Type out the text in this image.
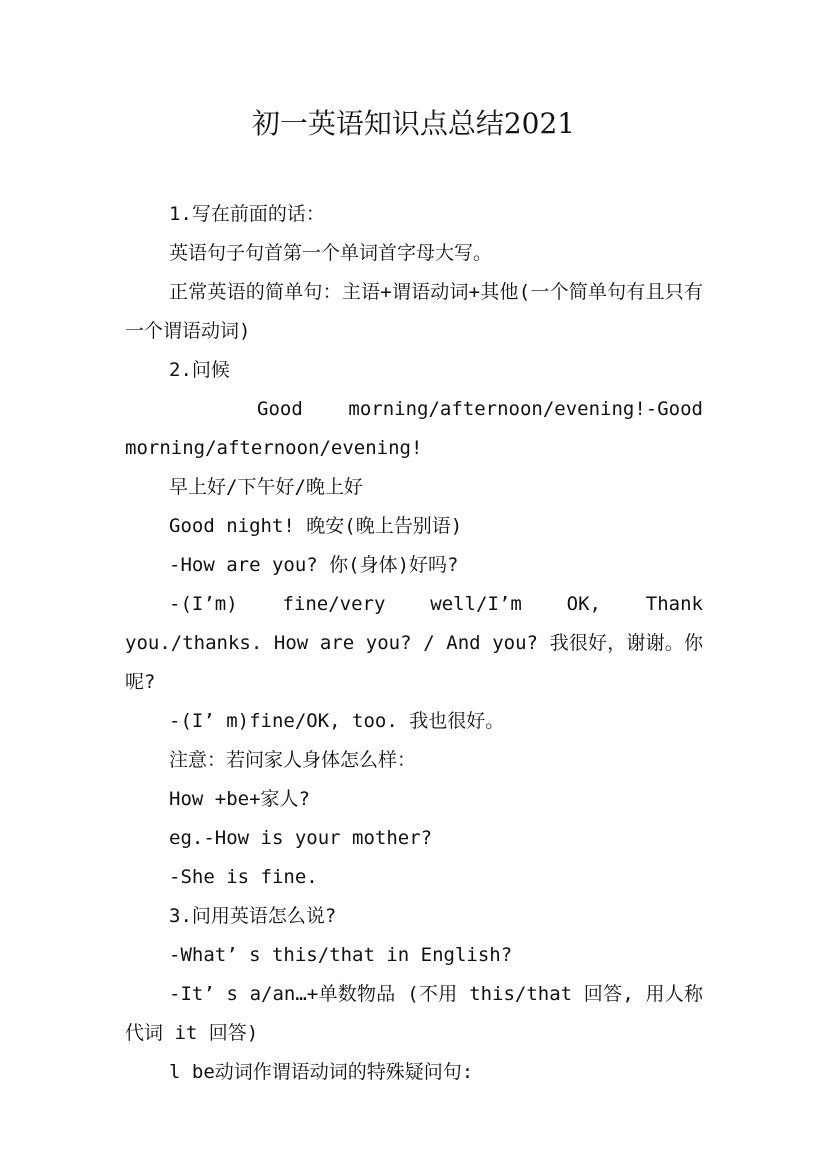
初一英语知识点总结2021

1.写在前面的话：

英语句子句首第一个单词首字母大写。

正常英语的简单句：主语+谓语动词+其他(一个简单句有且只有一个谓语动词)

2.问候

Good morning/afternoon/evening!-Good morning/afternoon/evening!

早上好/下午好/晚上好

Good night! 晚安(晚上告别语)

-How are you? 你(身体)好吗?

-(I’m) fine/very well/I’m OK, Thank you./thanks. How are you? / And you? 我很好，谢谢。你呢?

-(I’ m)fine/OK, too. 我也很好。

注意：若问家人身体怎么样：

How +be+家人?

eg.-How is your mother?

-She is fine.

3.问用英语怎么说?

-What’ s this/that in English?

-It’ s a/an…+单数物品 (不用 this/that 回答, 用人称代词 it 回答)

l be动词作谓语动词的特殊疑问句:
